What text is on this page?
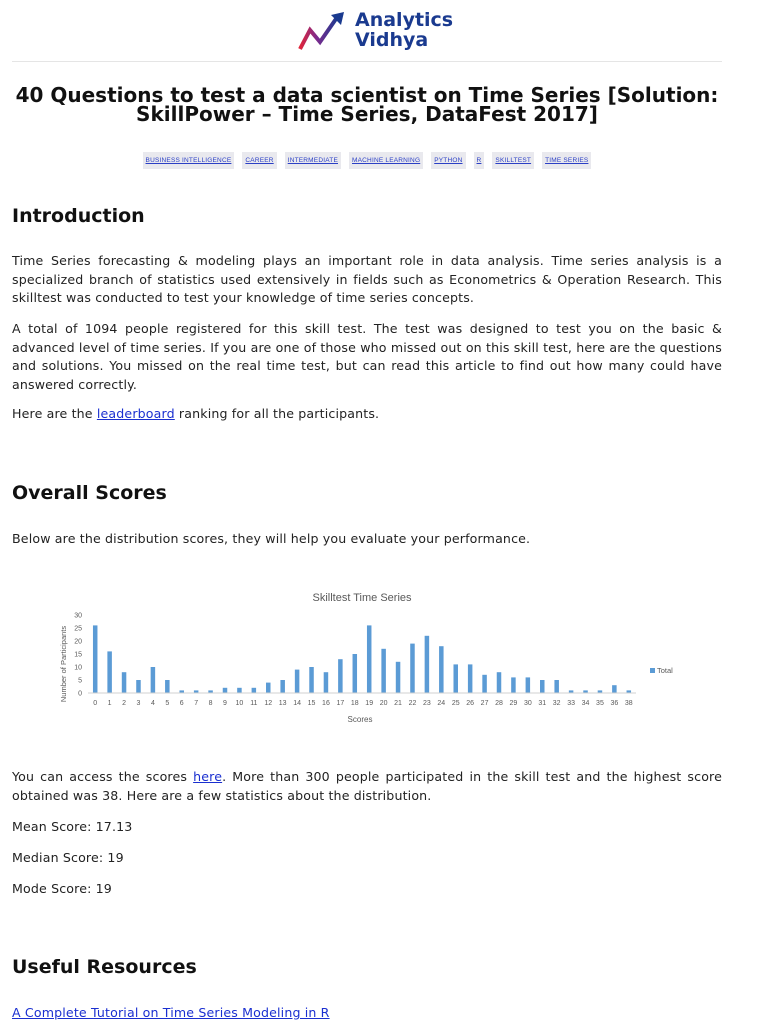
Analytics
Vidhya
40 Questions to test a data scientist on Time Series [Solution: SkillPower – Time Series, DataFest 2017]
BUSINESS INTELLIGENCE CAREER INTERMEDIATE MACHINE LEARNING PYTHON R SKILLTEST TIME SERIES
Introduction

Time Series forecasting & modeling plays an important role in data analysis. Time series analysis is a specialized branch of statistics used extensively in fields such as Econometrics & Operation Research. This skilltest was conducted to test your knowledge of time series concepts.

A total of 1094 people registered for this skill test. The test was designed to test you on the basic & advanced level of time series. If you are one of those who missed out on this skill test, here are the questions and solutions. You missed on the real time test, but can read this article to find out how many could have answered correctly.

Here are the leaderboard ranking for all the participants.

Overall Scores

Below are the distribution scores, they will help you evaluate your performance.

Skilltest Time Series
Number of Participants
Scores
0
5
10
15
20
25
30
0 1 2 3 4 5 6 7 8 9 10 11 12 13 14 15 16 17 18 19 20 21 22 23 24 25 26 27 28 29 30 31 32 33 34 35 36 38
Total

You can access the scores here. More than 300 people participated in the skill test and the highest score obtained was 38. Here are a few statistics about the distribution.

Mean Score: 17.13

Median Score: 19

Mode Score: 19

Useful Resources

A Complete Tutorial on Time Series Modeling in R
